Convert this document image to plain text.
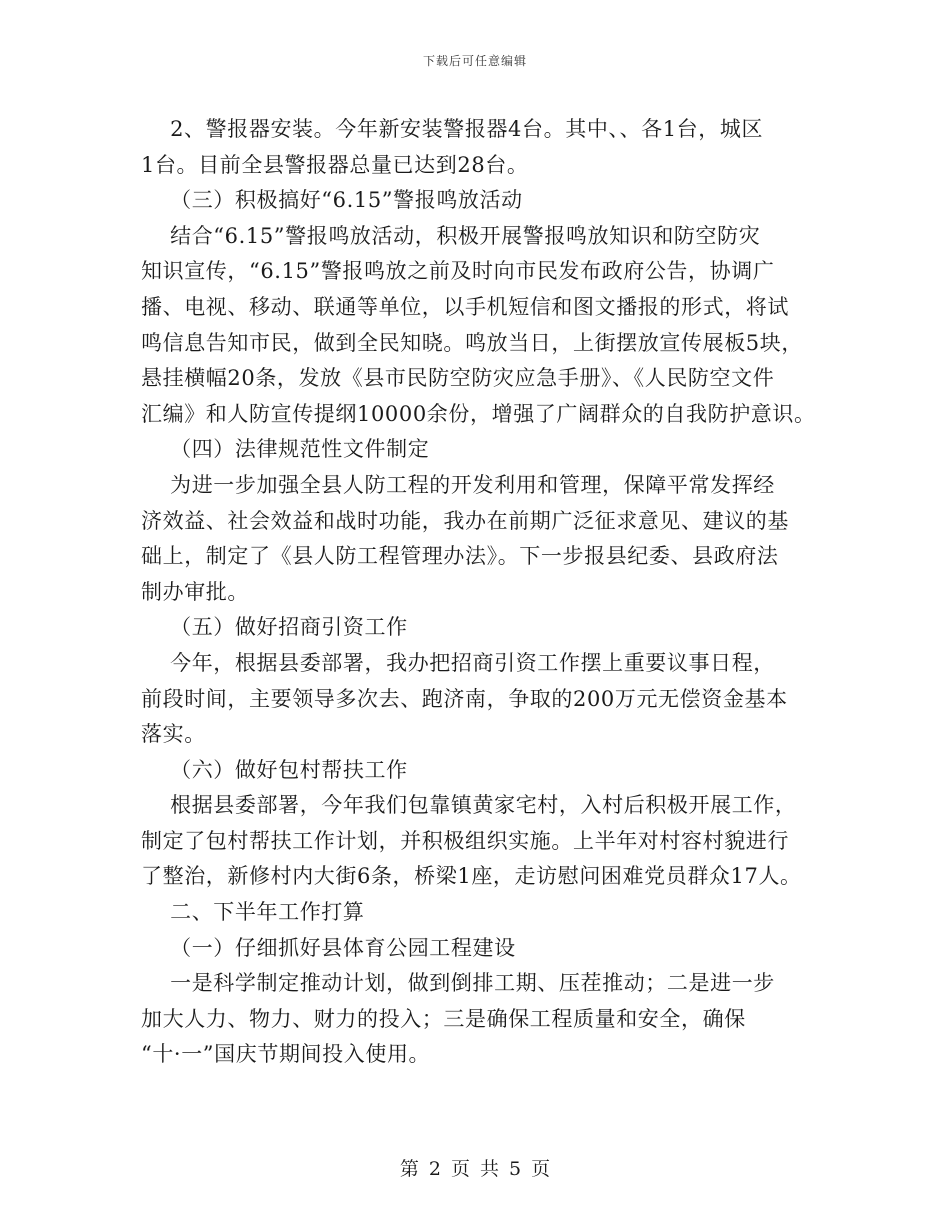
下载后可任意编辑
2、警报器安装。今年新安装警报器4台。其中、、各1台，城区
1台。目前全县警报器总量已达到28台。
（三）积极搞好“6.15”警报鸣放活动
结合“6.15”警报鸣放活动，积极开展警报鸣放知识和防空防灾
知识宣传，“6.15”警报鸣放之前及时向市民发布政府公告，协调广
播、电视、移动、联通等单位，以手机短信和图文播报的形式，将试
鸣信息告知市民，做到全民知晓。鸣放当日，上街摆放宣传展板5块，
悬挂横幅20条，发放《县市民防空防灾应急手册》、《人民防空文件
汇编》和人防宣传提纲10000余份，增强了广阔群众的自我防护意识。
（四）法律规范性文件制定
为进一步加强全县人防工程的开发利用和管理，保障平常发挥经
济效益、社会效益和战时功能，我办在前期广泛征求意见、建议的基
础上，制定了《县人防工程管理办法》。下一步报县纪委、县政府法
制办审批。
（五）做好招商引资工作
今年，根据县委部署，我办把招商引资工作摆上重要议事日程，
前段时间，主要领导多次去、跑济南，争取的200万元无偿资金基本
落实。
（六）做好包村帮扶工作
根据县委部署，今年我们包靠镇黄家宅村，入村后积极开展工作，
制定了包村帮扶工作计划，并积极组织实施。上半年对村容村貌进行
了整治，新修村内大街6条，桥梁1座，走访慰问困难党员群众17人。
二、下半年工作打算
（一）仔细抓好县体育公园工程建设
一是科学制定推动计划，做到倒排工期、压茬推动；二是进一步
加大人力、物力、财力的投入；三是确保工程质量和安全，确保
“十·一”国庆节期间投入使用。
第 2 页 共 5 页
